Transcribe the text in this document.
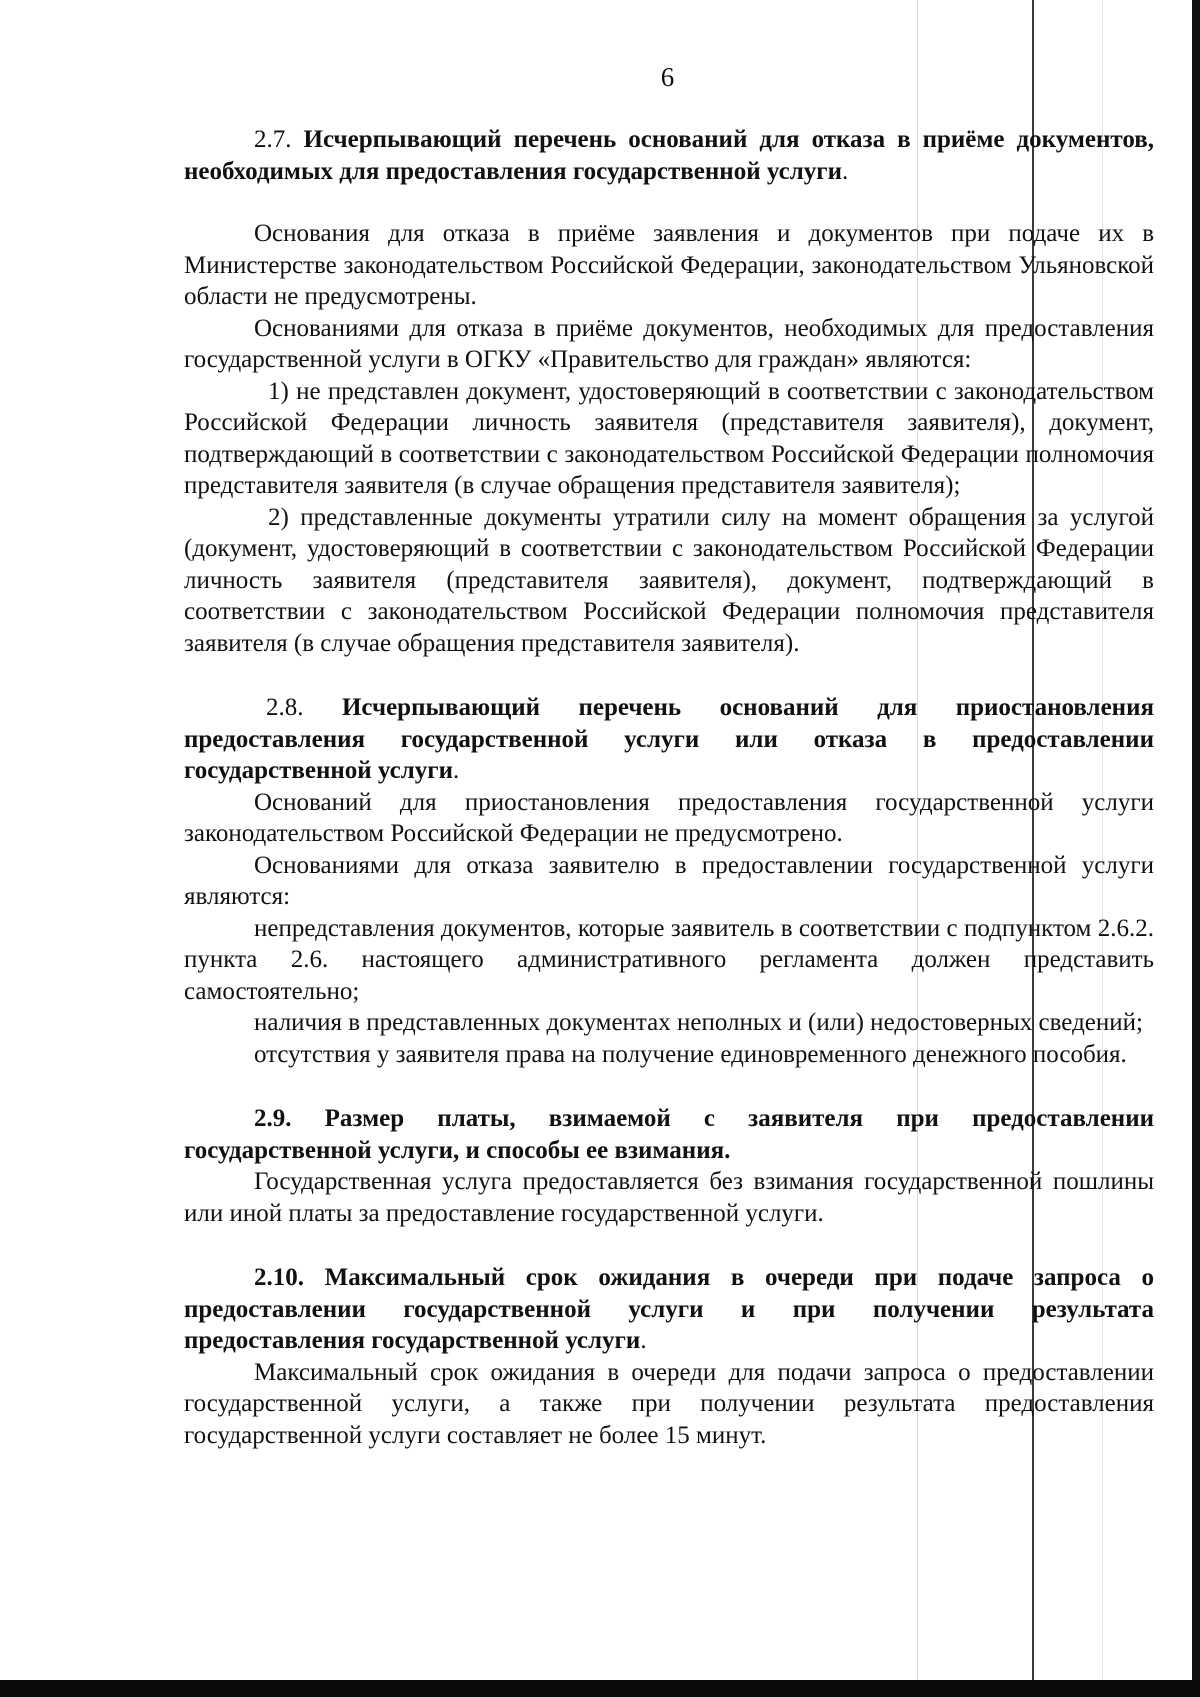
6

2.7. Исчерпывающий перечень оснований для отказа в приёме документов, необходимых для предоставления государственной услуги.

Основания для отказа в приёме заявления и документов при подаче их в Министерстве законодательством Российской Федерации, законодательством Ульяновской области не предусмотрены.

Основаниями для отказа в приёме документов, необходимых для предоставления государственной услуги в ОГКУ «Правительство для граждан» являются:

1) не представлен документ, удостоверяющий в соответствии с законодательством Российской Федерации личность заявителя (представителя заявителя), документ, подтверждающий в соответствии с законодательством Российской Федерации полномочия представителя заявителя (в случае обращения представителя заявителя);

2) представленные документы утратили силу на момент обращения за услугой (документ, удостоверяющий в соответствии с законодательством Российской Федерации личность заявителя (представителя заявителя), документ, подтверждающий в соответствии с законодательством Российской Федерации полномочия представителя заявителя (в случае обращения представителя заявителя).

2.8. Исчерпывающий перечень оснований для приостановления предоставления государственной услуги или отказа в предоставлении государственной услуги.

Оснований для приостановления предоставления государственной услуги законодательством Российской Федерации не предусмотрено.

Основаниями для отказа заявителю в предоставлении государственной услуги являются:

непредставления документов, которые заявитель в соответствии с подпунктом 2.6.2. пункта 2.6. настоящего административного регламента должен представить самостоятельно;

наличия в представленных документах неполных и (или) недостоверных сведений;

отсутствия у заявителя права на получение единовременного денежного пособия.

2.9. Размер платы, взимаемой с заявителя при предоставлении государственной услуги, и способы ее взимания.

Государственная услуга предоставляется без взимания государственной пошлины или иной платы за предоставление государственной услуги.

2.10. Максимальный срок ожидания в очереди при подаче запроса о предоставлении государственной услуги и при получении результата предоставления государственной услуги.

Максимальный срок ожидания в очереди для подачи запроса о предоставлении государственной услуги, а также при получении результата предоставления государственной услуги составляет не более 15 минут.
